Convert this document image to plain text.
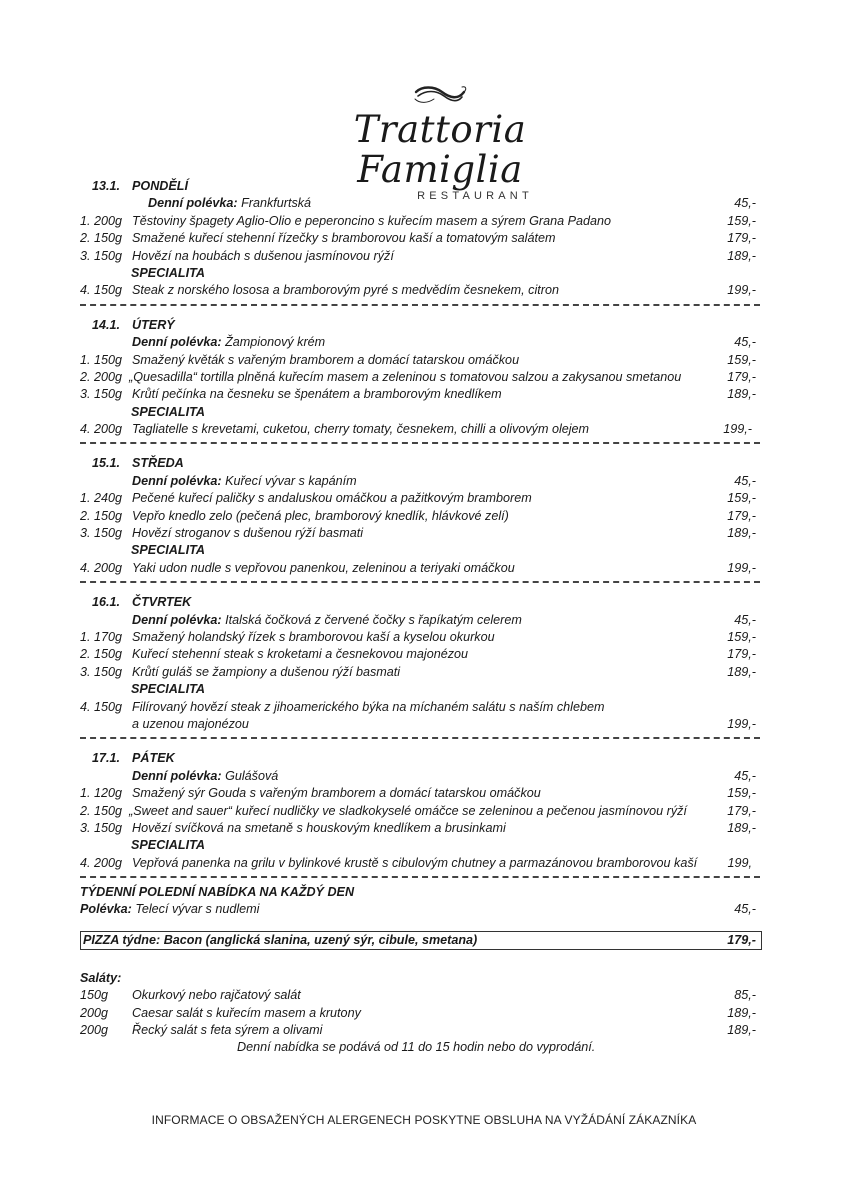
Trattoria Famiglia
RESTAURANT
13.1. PONDĚLÍ
Denní polévka: Frankfurtská	45,-
1. 200g Těstoviny špagety Aglio-Olio e peperoncino s kuřecím masem a sýrem Grana Padano	159,-
2. 150g Smažené kuřecí stehenní řízečky s bramborovou kaší a tomatovým salátem	179,-
3. 150g Hovězí na houbách s dušenou jasmínovou rýží	189,-
SPECIALITA
4. 150g Steak z norského lososa a bramborovým pyré s medvědím česnekem, citron	199,-
14.1. ÚTERÝ
Denní polévka: Žampionový krém	45,-
1. 150g Smažený květák s vařeným bramborem a domácí tatarskou omáčkou	159,-
2. 200g „Quesadilla“ tortilla plněná kuřecím masem a zeleninou s tomatovou salzou a zakysanou smetanou	179,-
3. 150g Krůtí pečínka na česneku se špenátem a bramborovým knedlíkem	189,-
SPECIALITA
4. 200g Tagliatelle s krevetami, cuketou, cherry tomaty, česnekem, chilli a olivovým olejem	199,-
15.1. STŘEDA
Denní polévka: Kuřecí vývar s kapáním	45,-
1. 240g Pečené kuřecí paličky s andaluskou omáčkou a pažitkovým bramborem	159,-
2. 150g Vepřo knedlo zelo (pečená plec, bramborový knedlík, hlávkové zelí)	179,-
3. 150g Hovězí stroganov s dušenou rýží basmati	189,-
SPECIALITA
4. 200g Yaki udon nudle s vepřovou panenkou, zeleninou a teriyaki omáčkou	199,-
16.1. ČTVRTEK
Denní polévka: Italská čočková z červené čočky s řapíkatým celerem	45,-
1. 170g Smažený holandský řízek s bramborovou kaší a kyselou okurkou	159,-
2. 150g Kuřecí stehenní steak s kroketami a česnekovou majonézou	179,-
3. 150g Krůtí guláš se žampiony a dušenou rýží basmati	189,-
SPECIALITA
4. 150g Filírovaný hovězí steak z jihoamerického býka na míchaném salátu s naším chlebem
a uzenou majonézou	199,-
17.1. PÁTEK
Denní polévka: Gulášová	45,-
1. 120g Smažený sýr Gouda s vařeným bramborem a domácí tatarskou omáčkou	159,-
2. 150g „Sweet and sauer“ kuřecí nudličky ve sladkokyselé omáčce se zeleninou a pečenou jasmínovou rýží	179,-
3. 150g Hovězí svíčková na smetaně s houskovým knedlíkem a brusinkami	189,-
SPECIALITA
4. 200g Vepřová panenka na grilu v bylinkové krustě s cibulovým chutney a parmazánovou bramborovou kaší 199,
TÝDENNÍ POLEDNÍ NABÍDKA NA KAŽDÝ DEN
Polévka: Telecí vývar s nudlemi	45,-
PIZZA týdne: Bacon (anglická slanina, uzený sýr, cibule, smetana)	179,-
Saláty:
150g Okurkový nebo rajčatový salát	85,-
200g Caesar salát s kuřecím masem a krutony	189,-
200g Řecký salát s feta sýrem a olivami	189,-
Denní nabídka se podává od 11 do 15 hodin nebo do vyprodání.
INFORMACE O OBSAŽENÝCH ALERGENECH POSKYTNE OBSLUHA NA VYŽÁDÁNÍ ZÁKAZNÍKA
